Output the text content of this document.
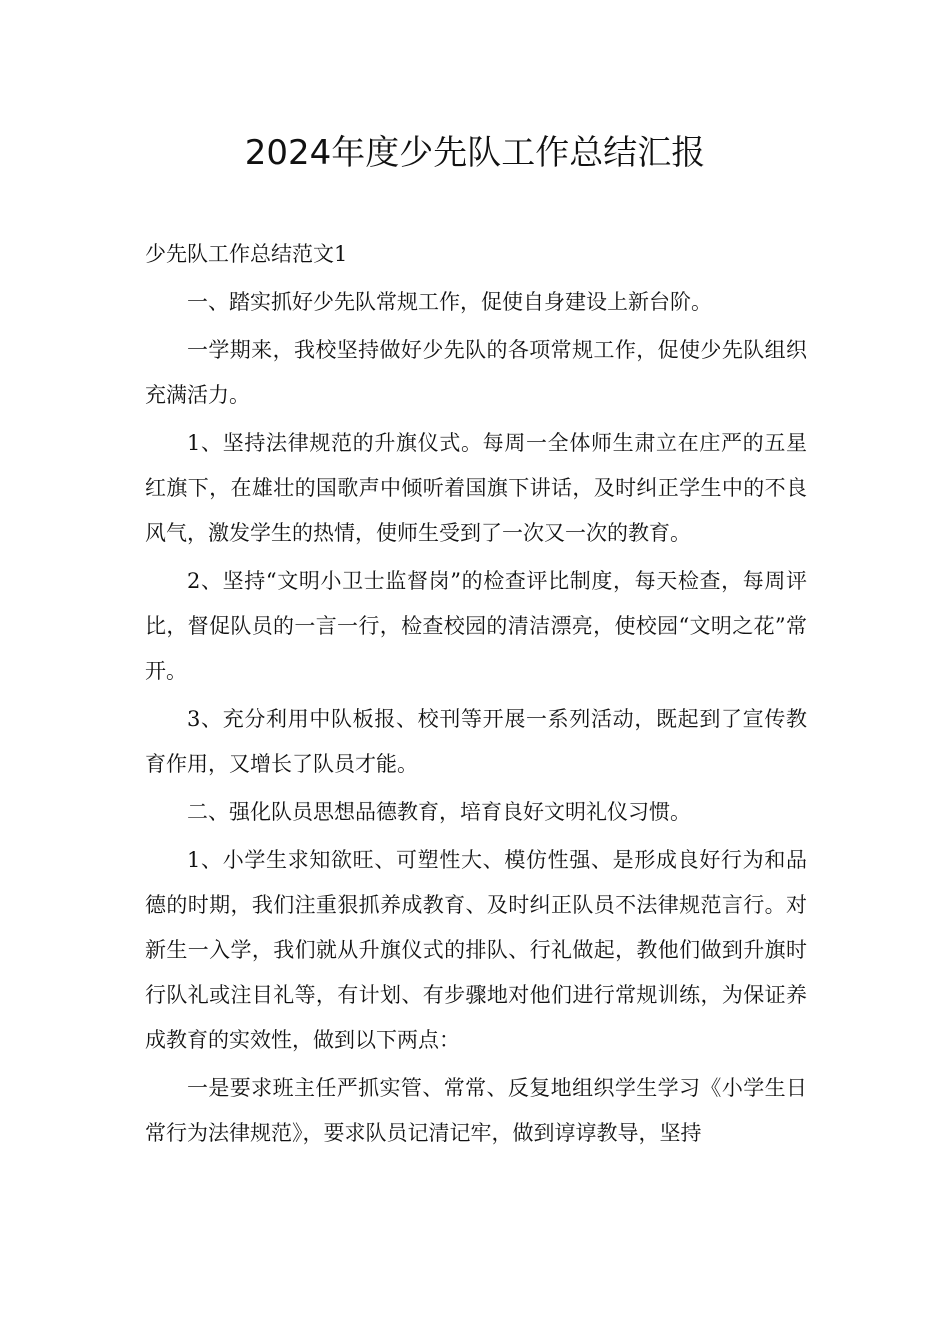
2024年度少先队工作总结汇报

少先队工作总结范文1

一、踏实抓好少先队常规工作，促使自身建设上新台阶。

一学期来，我校坚持做好少先队的各项常规工作，促使少先队组织充满活力。

1、坚持法律规范的升旗仪式。每周一全体师生肃立在庄严的五星红旗下，在雄壮的国歌声中倾听着国旗下讲话，及时纠正学生中的不良风气，激发学生的热情，使师生受到了一次又一次的教育。

2、坚持“文明小卫士监督岗”的检查评比制度，每天检查，每周评比，督促队员的一言一行，检查校园的清洁漂亮，使校园“文明之花”常开。

3、充分利用中队板报、校刊等开展一系列活动，既起到了宣传教育作用，又增长了队员才能。

二、强化队员思想品德教育，培育良好文明礼仪习惯。

1、小学生求知欲旺、可塑性大、模仿性强、是形成良好行为和品德的时期，我们注重狠抓养成教育、及时纠正队员不法律规范言行。对新生一入学，我们就从升旗仪式的排队、行礼做起，教他们做到升旗时行队礼或注目礼等，有计划、有步骤地对他们进行常规训练，为保证养成教育的实效性，做到以下两点：

一是要求班主任严抓实管、常常、反复地组织学生学习《小学生日常行为法律规范》，要求队员记清记牢，做到谆谆教导，坚持
